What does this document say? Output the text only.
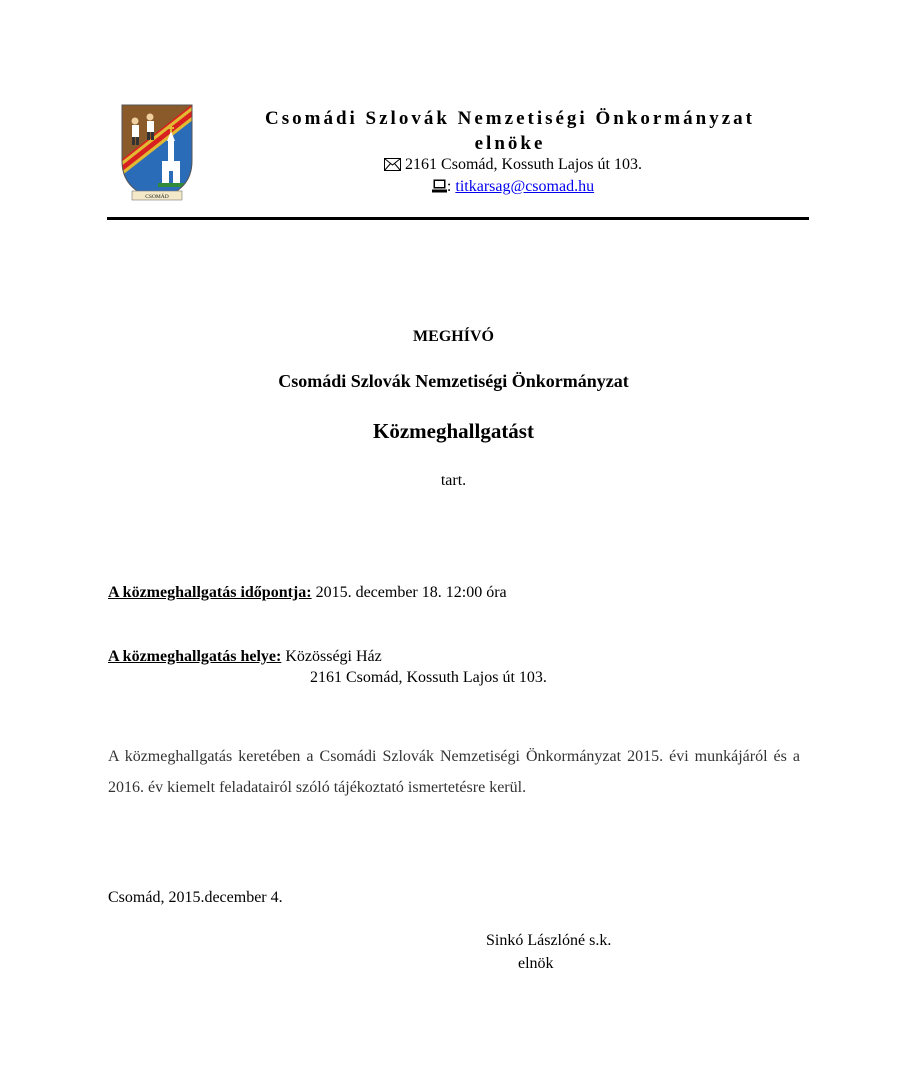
CSOMÁD
Csomádi Szlovák Nemzetiségi Önkormányzat
elnöke
2161 Csomád, Kossuth Lajos út 103.
: titkarsag@csomad.hu
MEGHÍVÓ
Csomádi Szlovák Nemzetiségi Önkormányzat
Közmeghallgatást
tart.
A közmeghallgatás időpontja: 2015. december 18. 12:00 óra
A közmeghallgatás helye: Közösségi Ház
2161 Csomád, Kossuth Lajos út 103.
A közmeghallgatás keretében a Csomádi Szlovák Nemzetiségi Önkormányzat 2015. évi munkájáról és a 2016. év kiemelt feladatairól szóló tájékoztató ismertetésre kerül.
Csomád, 2015.december 4.
Sinkó Lászlóné s.k.
elnök
